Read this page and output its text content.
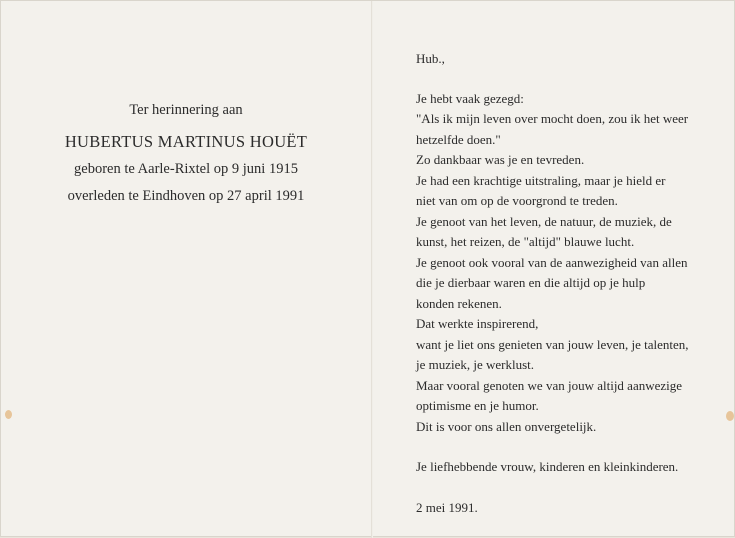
Ter herinnering aan

HUBERTUS MARTINUS HOUËT

geboren te Aarle-Rixtel op 9 juni 1915

overleden te Eindhoven op 27 april 1991

Hub.,

Je hebt vaak gezegd:

"Als ik mijn leven over mocht doen, zou ik het weer

hetzelfde doen."

Zo dankbaar was je en tevreden.

Je had een krachtige uitstraling, maar je hield er

niet van om op de voorgrond te treden.

Je genoot van het leven, de natuur, de muziek, de

kunst, het reizen, de "altijd" blauwe lucht.

Je genoot ook vooral van de aanwezigheid van allen

die je dierbaar waren en die altijd op je hulp

konden rekenen.

Dat werkte inspirerend,

want je liet ons genieten van jouw leven, je talenten,

je muziek, je werklust.

Maar vooral genoten we van jouw altijd aanwezige

optimisme en je humor.

Dit is voor ons allen onvergetelijk.

Je liefhebbende vrouw, kinderen en kleinkinderen.

2 mei 1991.
